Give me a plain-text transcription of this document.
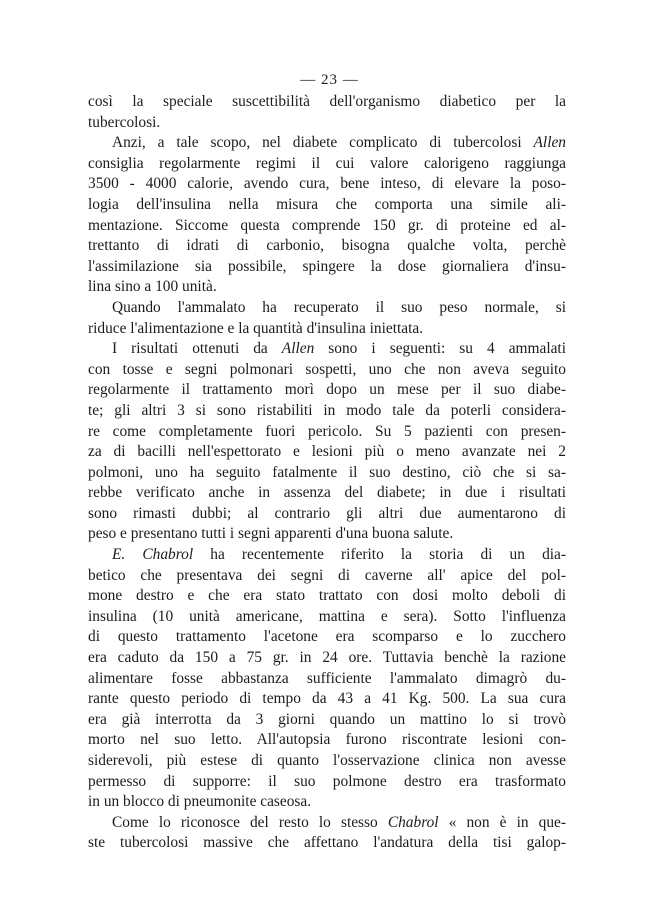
— 23 —
così la speciale suscettibilità dell'organismo diabetico per la
tubercolosi.
Anzi, a tale scopo, nel diabete complicato di tubercolosi Allen
consiglia regolarmente regimi il cui valore calorigeno raggiunga
3500 - 4000 calorie, avendo cura, bene inteso, di elevare la poso-
logia dell'insulina nella misura che comporta una simile ali-
mentazione. Siccome questa comprende 150 gr. di proteine ed al-
trettanto di idrati di carbonio, bisogna qualche volta, perchè
l'assimilazione sia possibile, spingere la dose giornaliera d'insu-
lina sino a 100 unità.
Quando l'ammalato ha recuperato il suo peso normale, si
riduce l'alimentazione e la quantità d'insulina iniettata.
I risultati ottenuti da Allen sono i seguenti: su 4 ammalati
con tosse e segni polmonari sospetti, uno che non aveva seguito
regolarmente il trattamento morì dopo un mese per il suo diabe-
te; gli altri 3 si sono ristabiliti in modo tale da poterli considera-
re come completamente fuori pericolo. Su 5 pazienti con presen-
za di bacilli nell'espettorato e lesioni più o meno avanzate nei 2
polmoni, uno ha seguito fatalmente il suo destino, ciò che si sa-
rebbe verificato anche in assenza del diabete; in due i risultati
sono rimasti dubbi; al contrario gli altri due aumentarono di
peso e presentano tutti i segni apparenti d'una buona salute.
E. Chabrol ha recentemente riferito la storia di un dia-
betico che presentava dei segni di caverne all' apice del pol-
mone destro e che era stato trattato con dosi molto deboli di
insulina (10 unità americane, mattina e sera). Sotto l'influenza
di questo trattamento l'acetone era scomparso e lo zucchero
era caduto da 150 a 75 gr. in 24 ore. Tuttavia benchè la razione
alimentare fosse abbastanza sufficiente l'ammalato dimagrò du-
rante questo periodo di tempo da 43 a 41 Kg. 500. La sua cura
era già interrotta da 3 giorni quando un mattino lo si trovò
morto nel suo letto. All'autopsia furono riscontrate lesioni con-
siderevoli, più estese di quanto l'osservazione clinica non avesse
permesso di supporre: il suo polmone destro era trasformato
in un blocco di pneumonite caseosa.
Come lo riconosce del resto lo stesso Chabrol « non è in que-
ste tubercolosi massive che affettano l'andatura della tisi galop-
